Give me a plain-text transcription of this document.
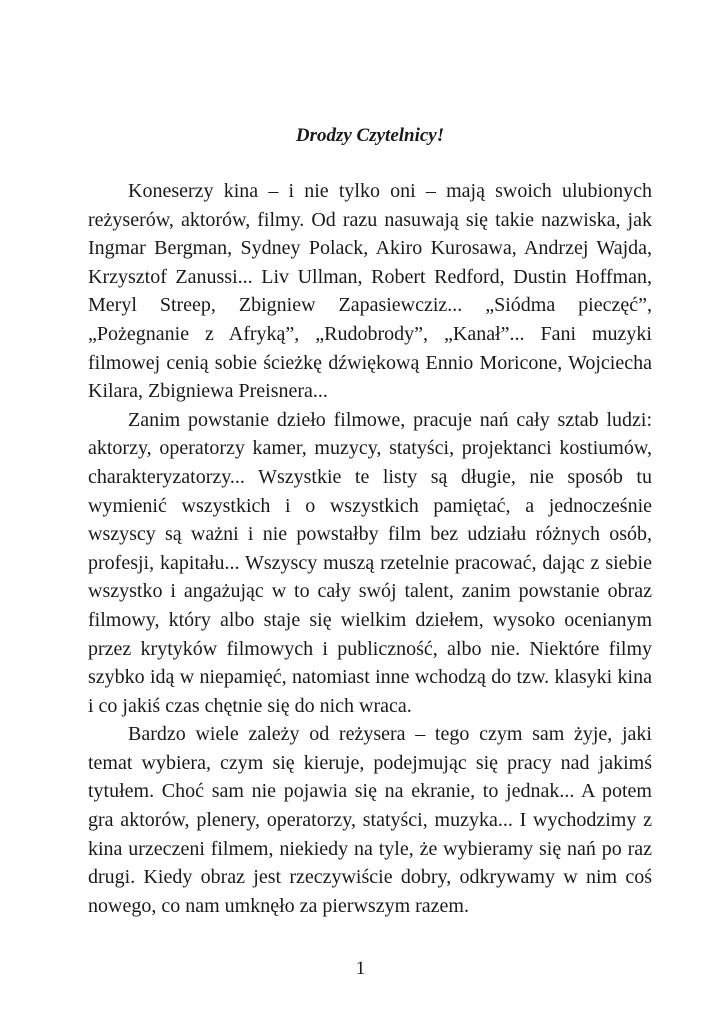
Drodzy Czytelnicy!

Koneserzy kina – i nie tylko oni – mają swoich ulubionych reżyserów, aktorów, filmy. Od razu nasuwają się takie nazwiska, jak Ingmar Bergman, Sydney Polack, Akiro Kurosawa, Andrzej Wajda, Krzysztof Zanussi... Liv Ullman, Robert Redford, Dustin Hoffman, Meryl Streep, Zbigniew Zapasiewcziz... „Siódma pieczęć”, „Pożegnanie z Afryką”, „Rudobrody”, „Kanał”... Fani muzyki filmowej cenią sobie ścieżkę dźwiękową Ennio Moricone, Wojciecha Kilara, Zbigniewa Preisnera...

Zanim powstanie dzieło filmowe, pracuje nań cały sztab ludzi: aktorzy, operatorzy kamer, muzycy, statyści, projektanci kostiumów, charakteryzatorzy... Wszystkie te listy są długie, nie sposób tu wymienić wszystkich i o wszystkich pamiętać, a jednocześnie wszyscy są ważni i nie powstałby film bez udziału różnych osób, profesji, kapitału... Wszyscy muszą rzetelnie pracować, dając z siebie wszystko i angażując w to cały swój talent, zanim powstanie obraz filmowy, który albo staje się wielkim dziełem, wysoko ocenianym przez krytyków filmowych i publiczność, albo nie. Niektóre filmy szybko idą w niepamięć, natomiast inne wchodzą do tzw. klasyki kina i co jakiś czas chętnie się do nich wraca.

Bardzo wiele zależy od reżysera – tego czym sam żyje, jaki temat wybiera, czym się kieruje, podejmując się pracy nad jakimś tytułem. Choć sam nie pojawia się na ekranie, to jednak... A potem gra aktorów, plenery, operatorzy, statyści, muzyka... I wychodzimy z kina urzeczeni filmem, niekiedy na tyle, że wybieramy się nań po raz drugi. Kiedy obraz jest rzeczywiście dobry, odkrywamy w nim coś nowego, co nam umknęło za pierwszym razem.

1
